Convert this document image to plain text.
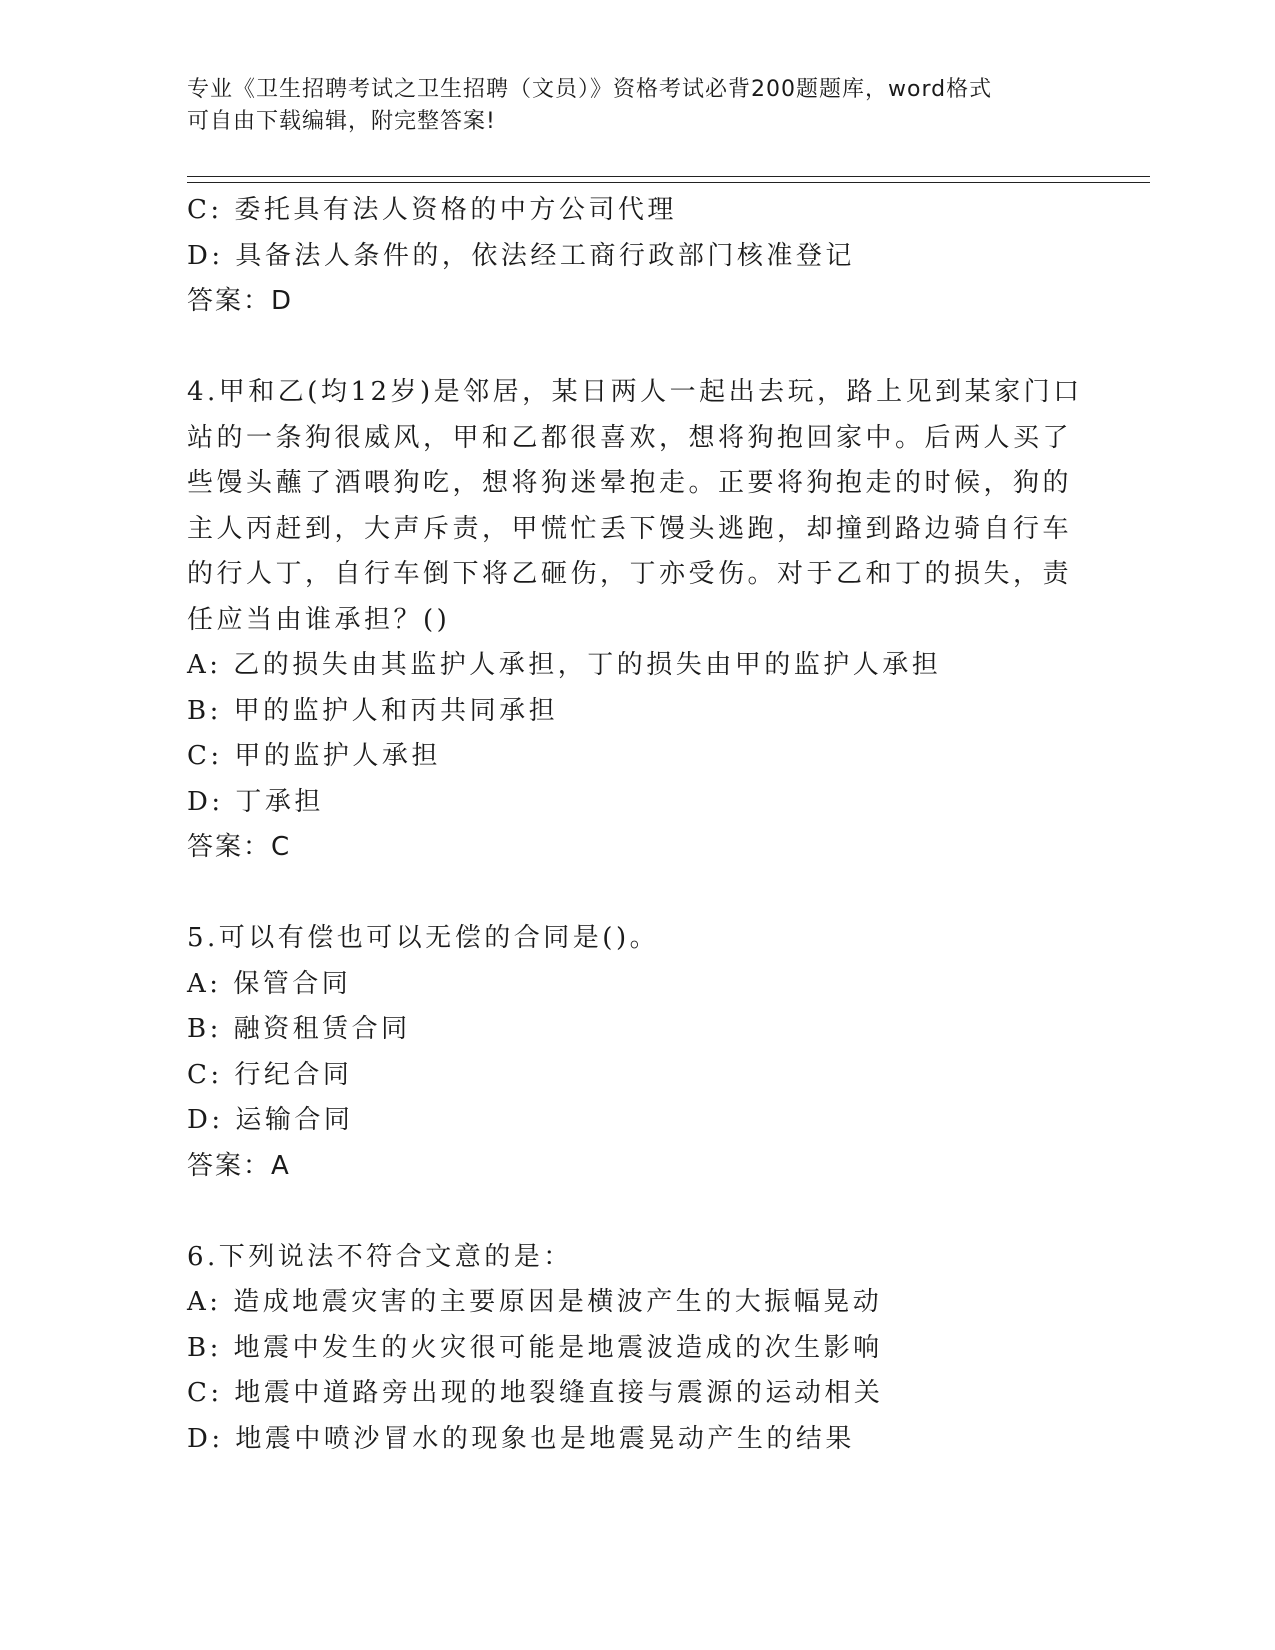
专业《卫生招聘考试之卫生招聘（文员）》资格考试必背200题题库，word格式
可自由下载编辑，附完整答案!
C: 委托具有法人资格的中方公司代理
D: 具备法人条件的，依法经工商行政部门核准登记
答案：D
4.甲和乙(均12岁)是邻居，某日两人一起出去玩，路上见到某家门口
站的一条狗很威风，甲和乙都很喜欢，想将狗抱回家中。后两人买了
些馒头蘸了酒喂狗吃，想将狗迷晕抱走。正要将狗抱走的时候，狗的
主人丙赶到，大声斥责，甲慌忙丢下馒头逃跑，却撞到路边骑自行车
的行人丁，自行车倒下将乙砸伤，丁亦受伤。对于乙和丁的损失，责
任应当由谁承担？()
A: 乙的损失由其监护人承担，丁的损失由甲的监护人承担
B: 甲的监护人和丙共同承担
C: 甲的监护人承担
D: 丁承担
答案：C
5.可以有偿也可以无偿的合同是()。
A: 保管合同
B: 融资租赁合同
C: 行纪合同
D: 运输合同
答案：A
6.下列说法不符合文意的是：
A: 造成地震灾害的主要原因是横波产生的大振幅晃动
B: 地震中发生的火灾很可能是地震波造成的次生影响
C: 地震中道路旁出现的地裂缝直接与震源的运动相关
D: 地震中喷沙冒水的现象也是地震晃动产生的结果
